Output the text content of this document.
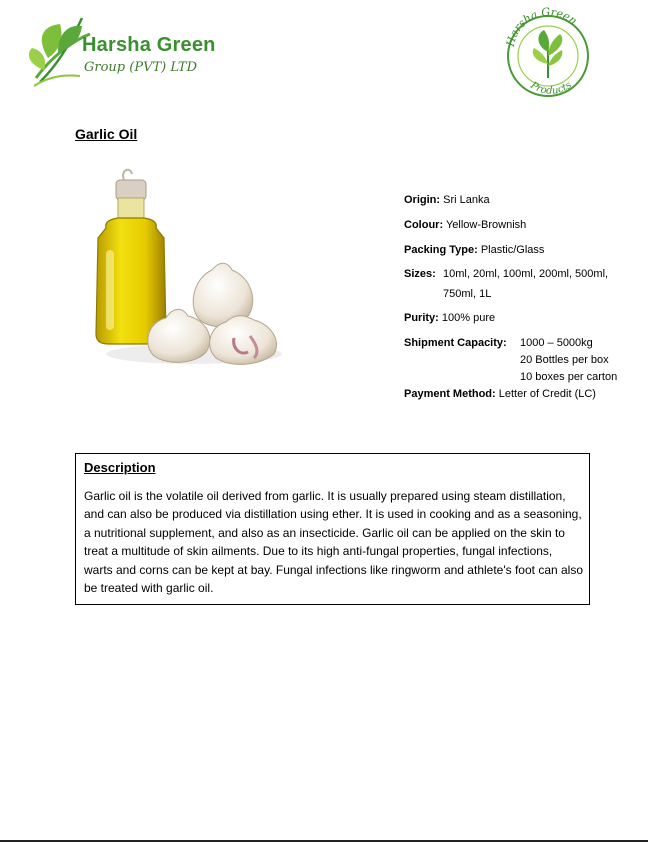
Harsha Green
Group (PVT) LTD
Harsha Green
Products
Garlic Oil
Origin: Sri Lanka
Colour: Yellow-Brownish
Packing Type: Plastic/Glass
Sizes: 10ml, 20ml, 100ml, 200ml, 500ml,
750ml, 1L
Purity: 100% pure
Shipment Capacity: 1000 – 5000kg
20 Bottles per box
10 boxes per carton
Payment Method: Letter of Credit (LC)
Description

Garlic oil is the volatile oil derived from garlic. It is usually prepared using steam distillation, and can also be produced via distillation using ether. It is used in cooking and as a seasoning, a nutritional supplement, and also as an insecticide. Garlic oil can be applied on the skin to treat a multitude of skin ailments. Due to its high anti-fungal properties, fungal infections, warts and corns can be kept at bay. Fungal infections like ringworm and athlete's foot can also be treated with garlic oil.
